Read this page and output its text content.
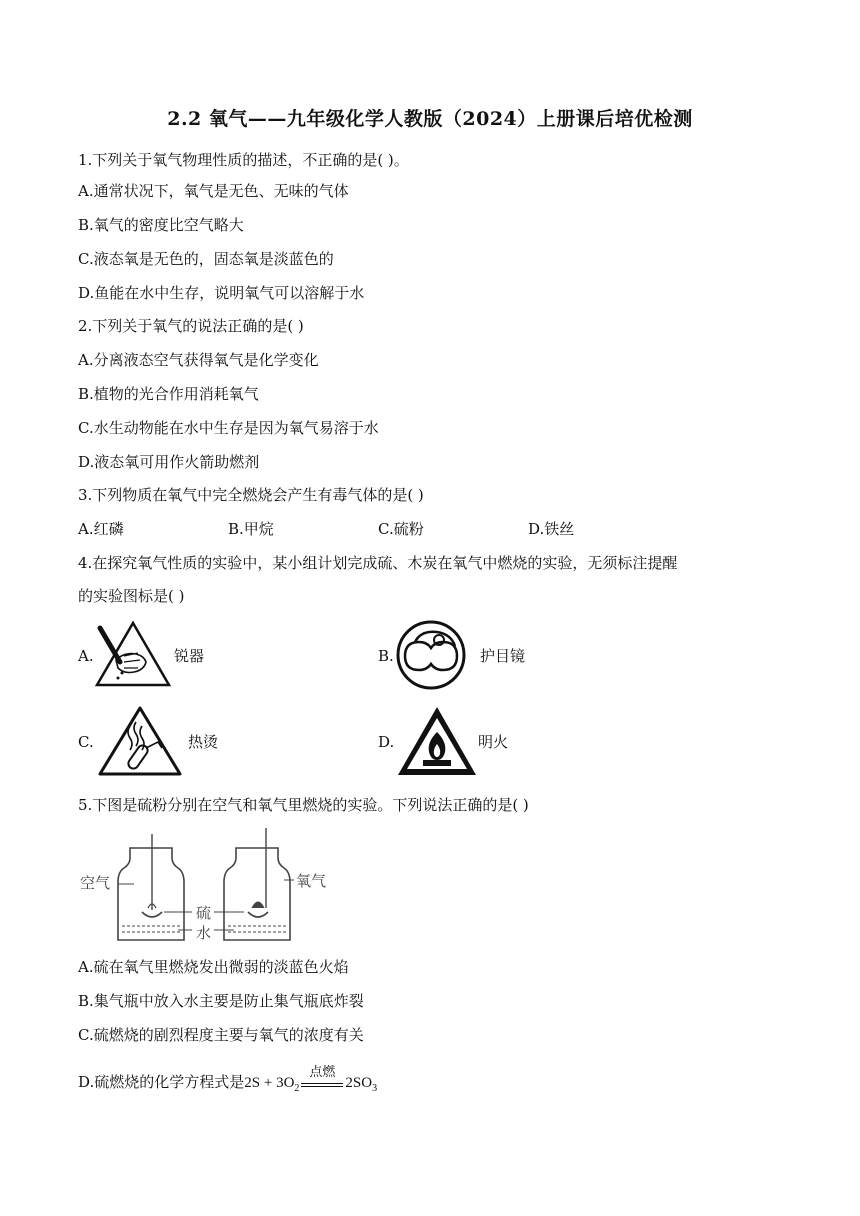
2.2 氧气——九年级化学人教版（2024）上册课后培优检测
1.下列关于氧气物理性质的描述，不正确的是( )。
A.通常状况下，氧气是无色、无味的气体
B.氧气的密度比空气略大
C.液态氧是无色的，固态氧是淡蓝色的
D.鱼能在水中生存，说明氧气可以溶解于水
2.下列关于氧气的说法正确的是( )
A.分离液态空气获得氧气是化学变化
B.植物的光合作用消耗氧气
C.水生动物能在水中生存是因为氧气易溶于水
D.液态氧可用作火箭助燃剂
3.下列物质在氧气中完全燃烧会产生有毒气体的是( )
A.红磷	B.甲烷	C.硫粉	D.铁丝
4.在探究氧气性质的实验中，某小组计划完成硫、木炭在氧气中燃烧的实验，无须标注提醒
的实验图标是( )
A.	锐器	B.	护目镜
C.	热烫	D.	明火
5.下图是硫粉分别在空气和氧气里燃烧的实验。下列说法正确的是( )
空气	氧气
硫
水
A.硫在氧气里燃烧发出微弱的淡蓝色火焰
B.集气瓶中放入水主要是防止集气瓶底炸裂
C.硫燃烧的剧烈程度主要与氧气的浓度有关
D.硫燃烧的化学方程式是$2S + 3O_2$
点燃
$2SO_3$
